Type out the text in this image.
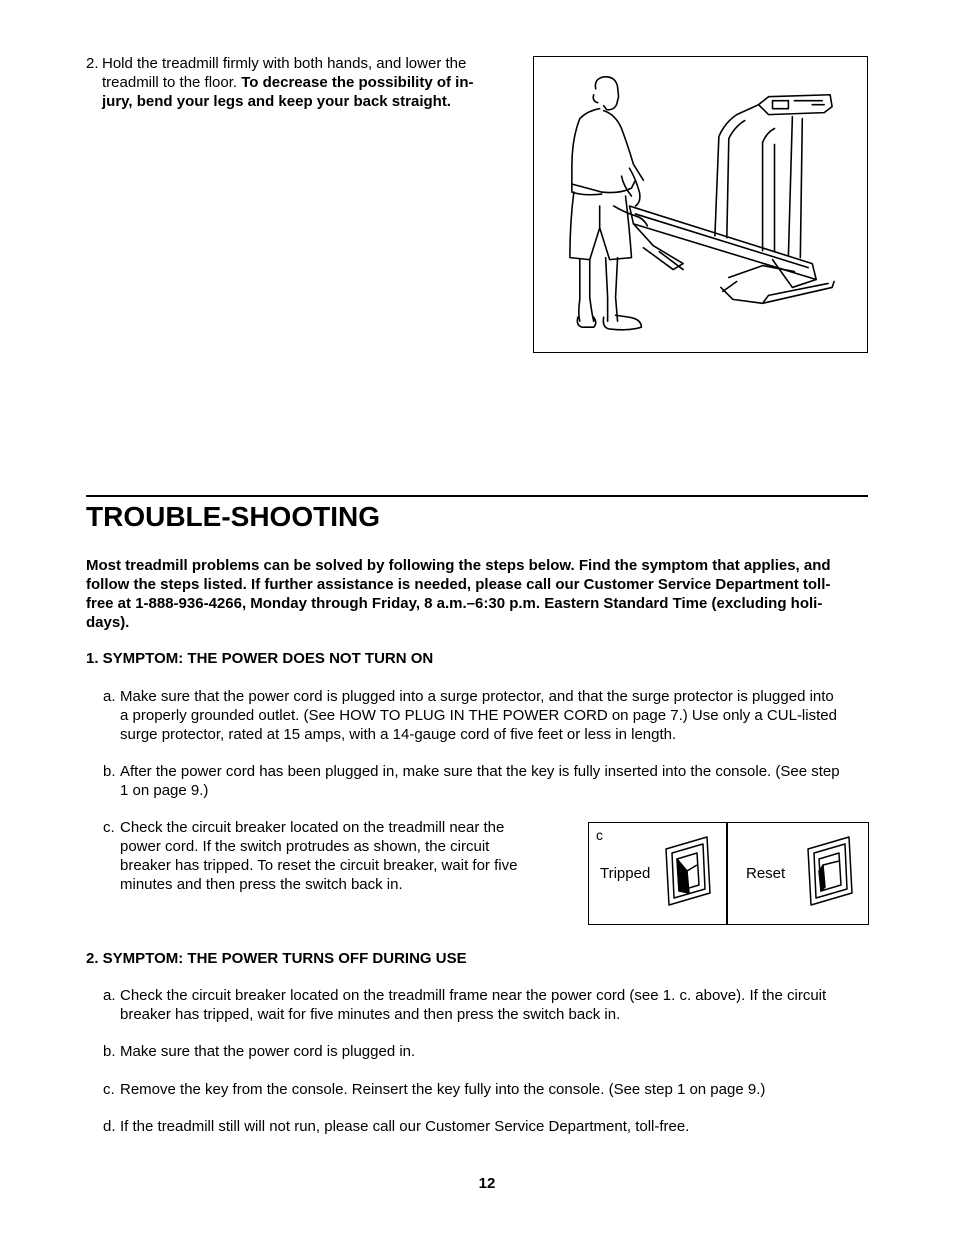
2. Hold the treadmill firmly with both hands, and lower the
treadmill to the floor. To decrease the possibility of in-
jury, bend your legs and keep your back straight.
TROUBLE-SHOOTING
Most treadmill problems can be solved by following the steps below. Find the symptom that applies, and
follow the steps listed. If further assistance is needed, please call our Customer Service Department toll-
free at 1-888-936-4266, Monday through Friday, 8 a.m.–6:30 p.m. Eastern Standard Time (excluding holi-
days).
1. SYMPTOM: THE POWER DOES NOT TURN ON
a. Make sure that the power cord is plugged into a surge protector, and that the surge protector is plugged into
a properly grounded outlet. (See HOW TO PLUG IN THE POWER CORD on page 7.) Use only a CUL-listed
surge protector, rated at 15 amps, with a 14-gauge cord of five feet or less in length.
b. After the power cord has been plugged in, make sure that the key is fully inserted into the console. (See step
1 on page 9.)
c. Check the circuit breaker located on the treadmill near the
power cord. If the switch protrudes as shown, the circuit
breaker has tripped. To reset the circuit breaker, wait for five
minutes and then press the switch back in.
c
Tripped	Reset
2. SYMPTOM: THE POWER TURNS OFF DURING USE
a. Check the circuit breaker located on the treadmill frame near the power cord (see 1. c. above). If the circuit
breaker has tripped, wait for five minutes and then press the switch back in.
b. Make sure that the power cord is plugged in.
c. Remove the key from the console. Reinsert the key fully into the console. (See step 1 on page 9.)
d. If the treadmill still will not run, please call our Customer Service Department, toll-free.
12
